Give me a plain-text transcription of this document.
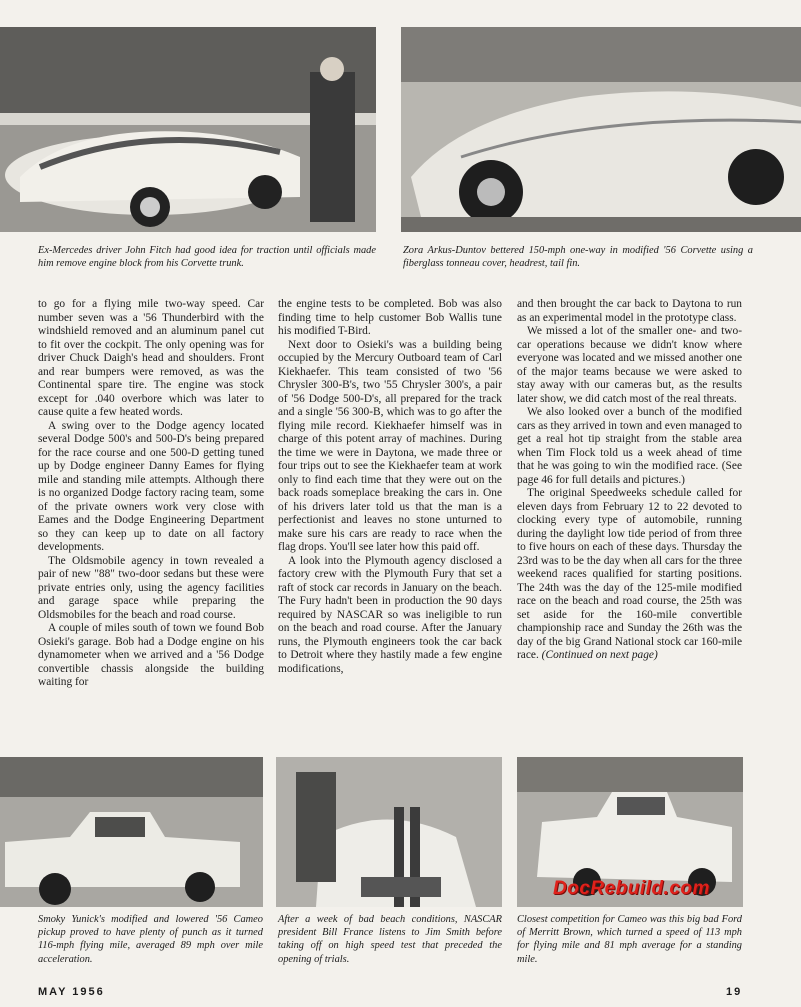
Ex-Mercedes driver John Fitch had good idea for traction until officials made him remove engine block from his Corvette trunk.

Zora Arkus-Duntov bettered 150-mph one-way in modified '56 Corvette using a fiberglass tonneau cover, headrest, tail fin.

to go for a flying mile two-way speed. Car number seven was a '56 Thunderbird with the windshield removed and an aluminum panel cut to fit over the cockpit. The only opening was for driver Chuck Daigh's head and shoulders. Front and rear bumpers were removed, as was the Continental spare tire. The engine was stock except for .040 overbore which was later to cause quite a few heated words.

A swing over to the Dodge agency located several Dodge 500's and 500-D's being prepared for the race course and one 500-D getting tuned up by Dodge engineer Danny Eames for flying mile and standing mile attempts. Although there is no organized Dodge factory racing team, some of the private owners work very close with Eames and the Dodge Engineering Department so they can keep up to date on all factory developments.

The Oldsmobile agency in town revealed a pair of new "88" two-door sedans but these were private entries only, using the agency facilities and garage space while preparing the Oldsmobiles for the beach and road course.

A couple of miles south of town we found Bob Osieki's garage. Bob had a Dodge engine on his dynamometer when we arrived and a '56 Dodge convertible chassis alongside the building waiting for

the engine tests to be completed. Bob was also finding time to help customer Bob Wallis tune his modified T-Bird.

Next door to Osieki's was a building being occupied by the Mercury Outboard team of Carl Kiekhaefer. This team consisted of two '56 Chrysler 300-B's, two '55 Chrysler 300's, a pair of '56 Dodge 500-D's, all prepared for the track and a single '56 300-B, which was to go after the flying mile record. Kiekhaefer himself was in charge of this potent array of machines. During the time we were in Daytona, we made three or four trips out to see the Kiekhaefer team at work only to find each time that they were out on the back roads someplace breaking the cars in. One of his drivers later told us that the man is a perfectionist and leaves no stone unturned to make sure his cars are ready to race when the flag drops. You'll see later how this paid off.

A look into the Plymouth agency disclosed a factory crew with the Plymouth Fury that set a raft of stock car records in January on the beach. The Fury hadn't been in production the 90 days required by NASCAR so was ineligible to run on the beach and road course. After the January runs, the Plymouth engineers took the car back to Detroit where they hastily made a few engine modifications,

and then brought the car back to Daytona to run as an experimental model in the prototype class.

We missed a lot of the smaller one- and two-car operations because we didn't know where everyone was located and we missed another one of the major teams because we were asked to stay away with our cameras but, as the results later show, we did catch most of the real threats.

We also looked over a bunch of the modified cars as they arrived in town and even managed to get a real hot tip straight from the stable area when Tim Flock told us a week ahead of time that he was going to win the modified race. (See page 46 for full details and pictures.)

The original Speedweeks schedule called for eleven days from February 12 to 22 devoted to clocking every type of automobile, running during the daylight low tide period of from three to five hours on each of these days. Thursday the 23rd was to be the day when all cars for the three weekend races qualified for starting positions. The 24th was the day of the 125-mile modified race on the beach and road course, the 25th was set aside for the 160-mile convertible championship race and Sunday the 26th was the day of the big Grand National stock car 160-mile race. (Continued on next page)

Smoky Yunick's modified and lowered '56 Cameo pickup proved to have plenty of punch as it turned 116-mph flying mile, averaged 89 mph over mile acceleration.

After a week of bad beach conditions, NASCAR president Bill France listens to Jim Smith before taking off on high speed test that preceded the opening of trials.

Closest competition for Cameo was this big bad Ford of Merritt Brown, which turned a speed of 113 mph for flying mile and 81 mph average for a standing mile.

DocRebuild.com
MAY 1956	19
